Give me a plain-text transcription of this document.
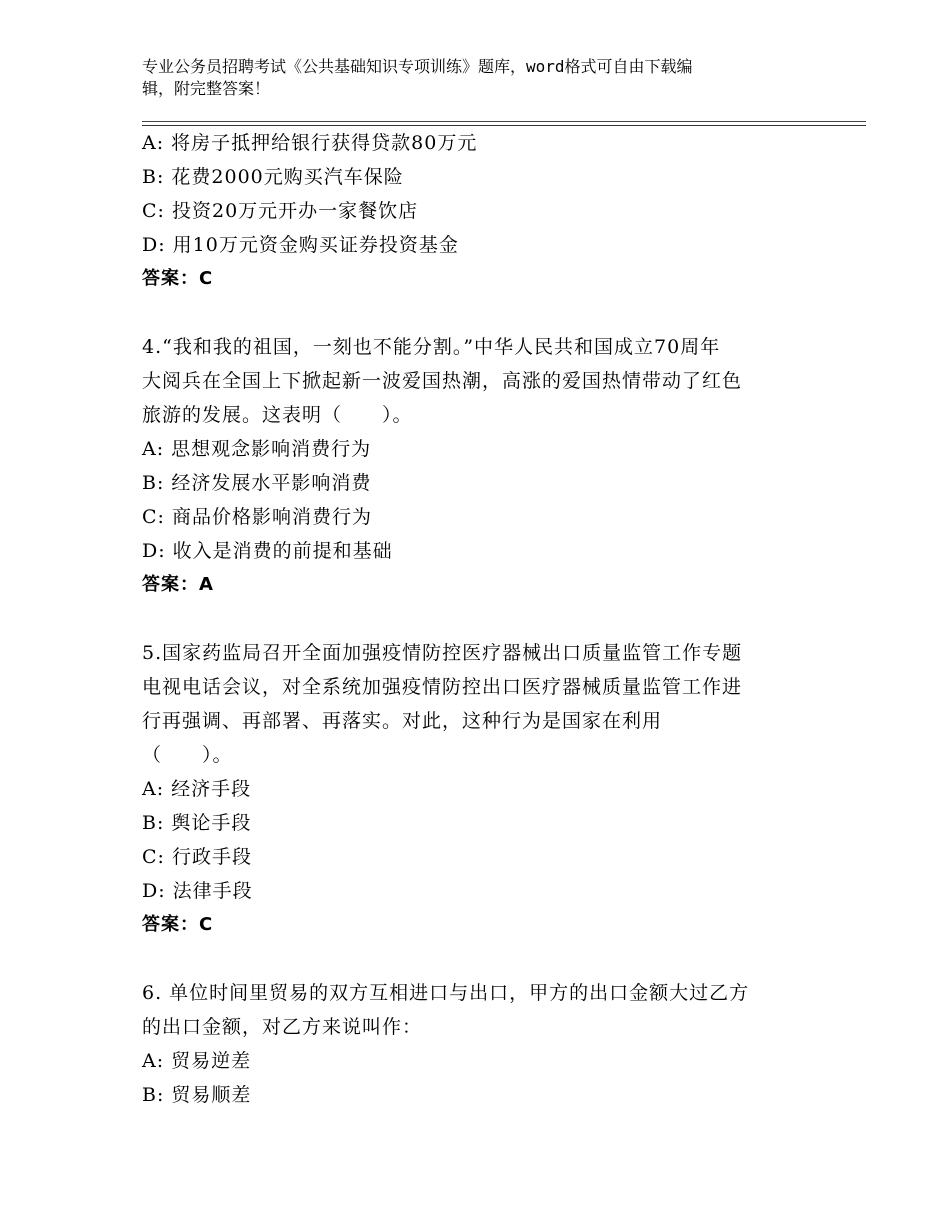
专业公务员招聘考试《公共基础知识专项训练》题库，word格式可自由下载编
辑，附完整答案！
A: 将房子抵押给银行获得贷款80万元
B: 花费2000元购买汽车保险
C: 投资20万元开办一家餐饮店
D: 用10万元资金购买证券投资基金
答案：C
4.“我和我的祖国，一刻也不能分割。”中华人民共和国成立70周年
大阅兵在全国上下掀起新一波爱国热潮，高涨的爱国热情带动了红色
旅游的发展。这表明（　　）。
A: 思想观念影响消费行为
B: 经济发展水平影响消费
C: 商品价格影响消费行为
D: 收入是消费的前提和基础
答案：A
5.国家药监局召开全面加强疫情防控医疗器械出口质量监管工作专题
电视电话会议，对全系统加强疫情防控出口医疗器械质量监管工作进
行再强调、再部署、再落实。对此，这种行为是国家在利用
（　　）。
A: 经济手段
B: 舆论手段
C: 行政手段
D: 法律手段
答案：C
6. 单位时间里贸易的双方互相进口与出口，甲方的出口金额大过乙方
的出口金额，对乙方来说叫作：
A: 贸易逆差
B: 贸易顺差
